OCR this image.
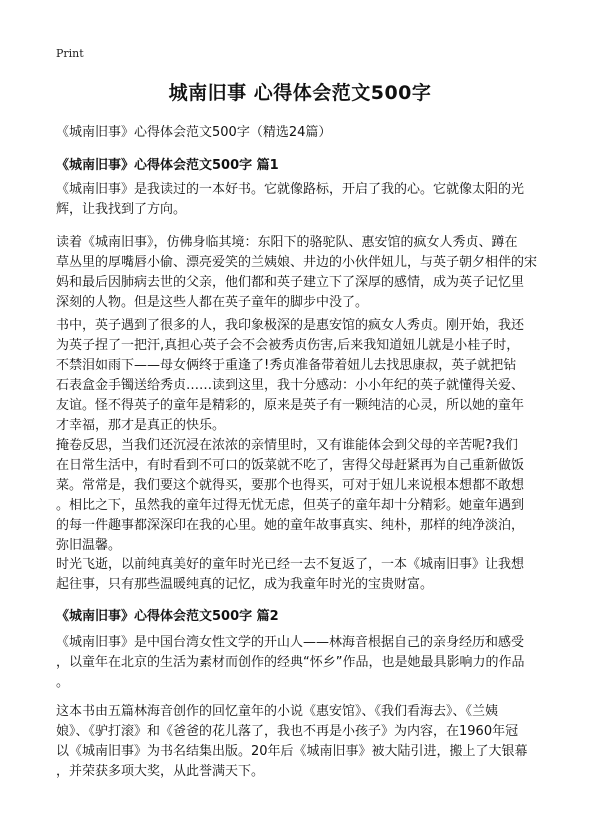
Print
城南旧事 心得体会范文500字

《城南旧事》心得体会范文500字（精选24篇）

《城南旧事》心得体会范文500字 篇1

《城南旧事》是我读过的一本好书。它就像路标，开启了我的心。它就像太阳的光
辉，让我找到了方向。

读着《城南旧事》，仿佛身临其境：东阳下的骆驼队、惠安馆的疯女人秀贞、蹲在
草丛里的厚嘴唇小偷、漂亮爱笑的兰姨娘、井边的小伙伴妞儿，与英子朝夕相伴的宋
妈和最后因肺病去世的父亲，他们都和英子建立下了深厚的感情，成为英子记忆里
深刻的人物。但是这些人都在英子童年的脚步中没了。

书中，英子遇到了很多的人，我印象极深的是惠安馆的疯女人秀贞。刚开始，我还
为英子捏了一把汗,真担心英子会不会被秀贞伤害,后来我知道妞儿就是小桂子时，
不禁泪如雨下——母女俩终于重逢了!秀贞准备带着妞儿去找思康叔，英子就把钻
石表盒金手镯送给秀贞……读到这里，我十分感动：小小年纪的英子就懂得关爱、
友谊。怪不得英子的童年是精彩的，原来是英子有一颗纯洁的心灵，所以她的童年
才幸福，那才是真正的快乐。

掩卷反思，当我们还沉浸在浓浓的亲情里时，又有谁能体会到父母的辛苦呢?我们
在日常生活中，有时看到不可口的饭菜就不吃了，害得父母赶紧再为自己重新做饭
菜。常常是，我们要这个就得买，要那个也得买，可对于妞儿来说根本想都不敢想
。相比之下，虽然我的童年过得无忧无虑，但英子的童年却十分精彩。她童年遇到
的每一件趣事都深深印在我的心里。她的童年故事真实、纯朴，那样的纯净淡泊，
弥旧温馨。

时光飞逝，以前纯真美好的童年时光已经一去不复返了，一本《城南旧事》让我想
起往事，只有那些温暖纯真的记忆，成为我童年时光的宝贵财富。

《城南旧事》心得体会范文500字 篇2

《城南旧事》是中国台湾女性文学的开山人——林海音根据自己的亲身经历和感受
，以童年在北京的生活为素材而创作的经典“怀乡”作品，也是她最具影响力的作品
。

这本书由五篇林海音创作的回忆童年的小说《惠安馆》、《我们看海去》、《兰姨
娘》、《驴打滚》和《爸爸的花儿落了，我也不再是小孩子》为内容，在1960年冠
以《城南旧事》为书名结集出版。20年后《城南旧事》被大陆引进，搬上了大银幕
，并荣获多项大奖，从此誉满天下。
